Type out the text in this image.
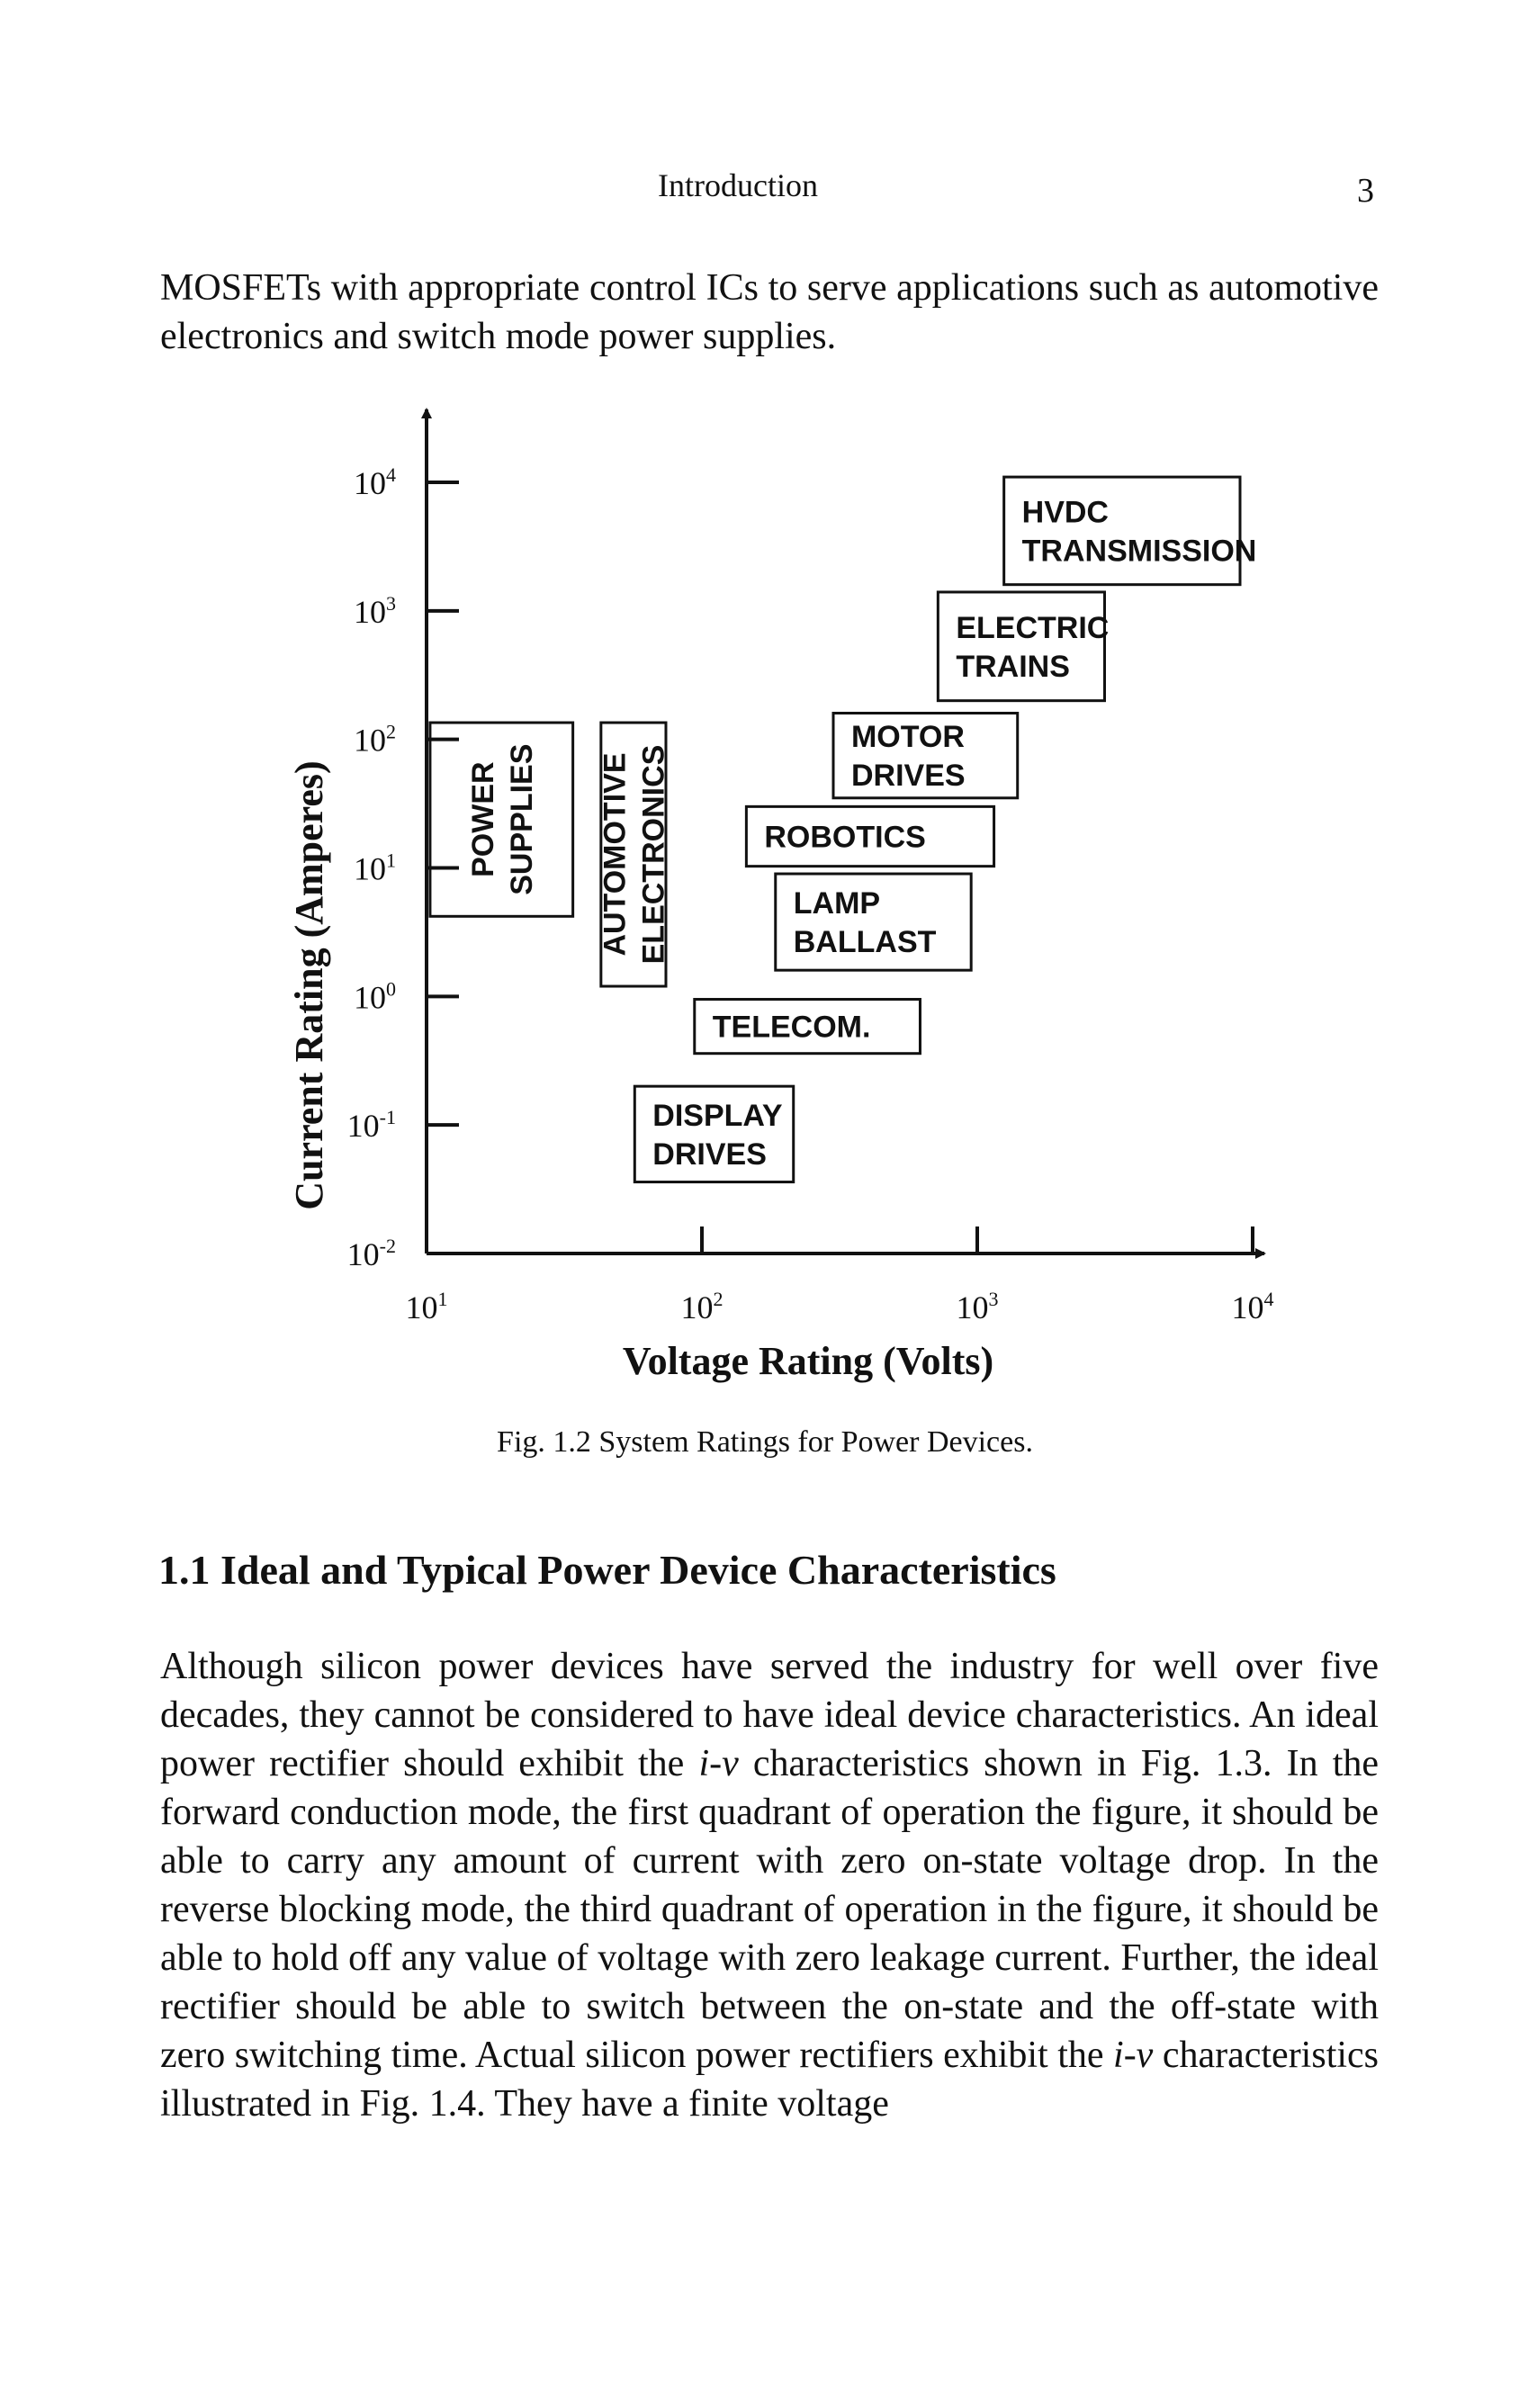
Introduction	3

MOSFETs with appropriate control ICs to serve applications such as automotive electronics and switch mode power supplies.

$10^{-2}$
$10^{-1}$
$10^0$
$10^1$
$10^2$
$10^3$
$10^4$
$10^1$	$10^2$	$10^3$	$10^4$
HVDC TRANSMISSION
ELECTRIC TRAINS
MOTOR DRIVES
ROBOTICS
LAMP BALLAST
TELECOM.
DISPLAY DRIVES
POWER SUPPLIES AUTOMOTIVE ELECTRONICS
Voltage Rating (Volts)
Current Rating (Amperes)
Fig. 1.2 System Ratings for Power Devices.
1.1 Ideal and Typical Power Device Characteristics

Although silicon power devices have served the industry for well over five decades, they cannot be considered to have ideal device characteristics. An ideal power rectifier should exhibit the i-v characteristics shown in Fig. 1.3. In the forward conduction mode, the first quadrant of operation the figure, it should be able to carry any amount of current with zero on-state voltage drop. In the reverse blocking mode, the third quadrant of operation in the figure, it should be able to hold off any value of voltage with zero leakage current. Further, the ideal rectifier should be able to switch between the on-state and the off-state with zero switching time. Actual silicon power rectifiers exhibit the i-v characteristics illustrated in Fig. 1.4. They have a finite voltage
